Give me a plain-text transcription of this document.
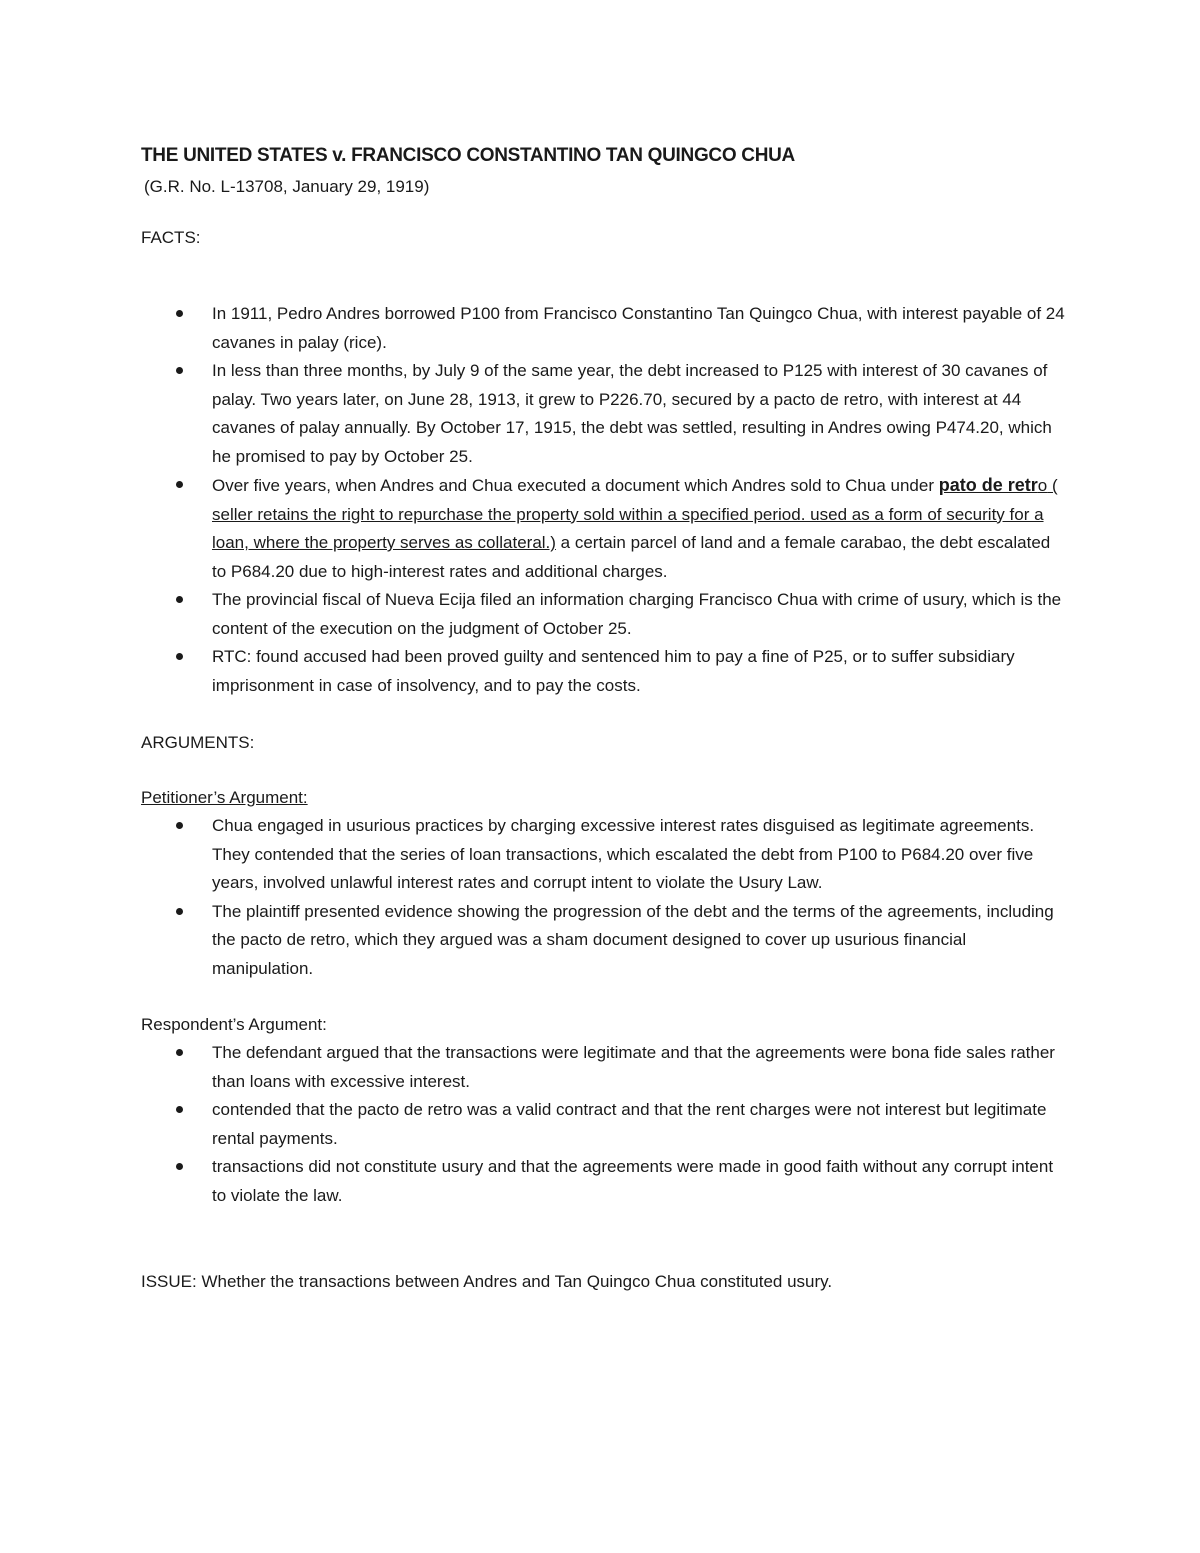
THE UNITED STATES v. FRANCISCO CONSTANTINO TAN QUINGCO CHUA

(G.R. No. L-13708, January 29, 1919)

FACTS:

In 1911, Pedro Andres borrowed P100 from Francisco Constantino Tan Quingco Chua, with interest payable of 24 cavanes in palay (rice).
In less than three months, by July 9 of the same year, the debt increased to P125 with interest of 30 cavanes of palay. Two years later, on June 28, 1913, it grew to P226.70, secured by a pacto de retro, with interest at 44 cavanes of palay annually. By October 17, 1915, the debt was settled, resulting in Andres owing P474.20, which he promised to pay by October 25.
Over five years, when Andres and Chua executed a document which Andres sold to Chua under pato de retro ( seller retains the right to repurchase the property sold within a specified period. used as a form of security for a loan, where the property serves as collateral.) a certain parcel of land and a female carabao, the debt escalated to P684.20 due to high-interest rates and additional charges.
The provincial fiscal of Nueva Ecija filed an information charging Francisco Chua with crime of usury, which is the content of the execution on the judgment of October 25.
RTC: found accused had been proved guilty and sentenced him to pay a fine of P25, or to suffer subsidiary imprisonment in case of insolvency, and to pay the costs.

ARGUMENTS:

Petitioner’s Argument:

Chua engaged in usurious practices by charging excessive interest rates disguised as legitimate agreements. They contended that the series of loan transactions, which escalated the debt from P100 to P684.20 over five years, involved unlawful interest rates and corrupt intent to violate the Usury Law.
The plaintiff presented evidence showing the progression of the debt and the terms of the agreements, including the pacto de retro, which they argued was a sham document designed to cover up usurious financial manipulation.

Respondent’s Argument:

The defendant argued that the transactions were legitimate and that the agreements were bona fide sales rather than loans with excessive interest.
contended that the pacto de retro was a valid contract and that the rent charges were not interest but legitimate rental payments.
transactions did not constitute usury and that the agreements were made in good faith without any corrupt intent to violate the law.

ISSUE: Whether the transactions between Andres and Tan Quingco Chua constituted usury.
